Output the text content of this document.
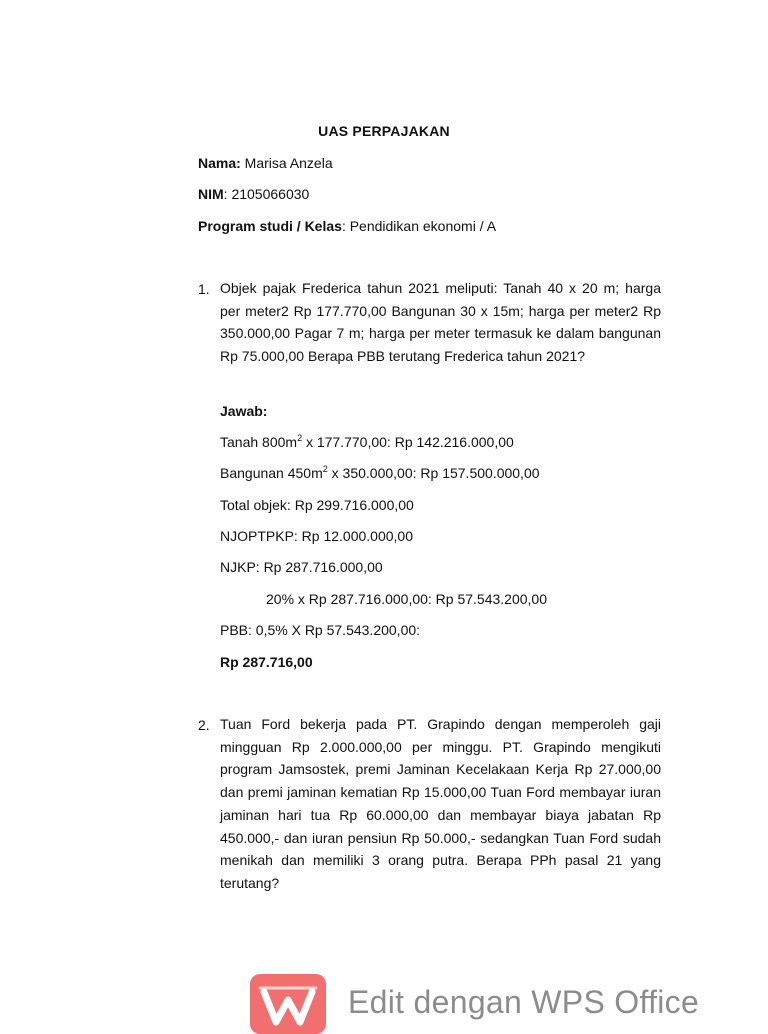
UAS PERPAJAKAN
Nama: Marisa Anzela
NIM: 2105066030
Program studi / Kelas: Pendidikan ekonomi / A
1. Objek pajak Frederica tahun 2021 meliputi: Tanah 40 x 20 m; harga per meter2 Rp 177.770,00 Bangunan 30 x 15m; harga per meter2 Rp 350.000,00 Pagar 7 m; harga per meter termasuk ke dalam bangunan Rp 75.000,00 Berapa PBB terutang Frederica tahun 2021?
Jawab:
Tanah $800m^2$ x 177.770,00: Rp 142.216.000,00
Bangunan $450m^2$ x 350.000,00: Rp 157.500.000,00
Total objek: Rp 299.716.000,00
NJOPTPKP: Rp 12.000.000,00
NJKP: Rp 287.716.000,00
20% x Rp 287.716.000,00: Rp 57.543.200,00
PBB: 0,5% X Rp 57.543.200,00:
Rp 287.716,00
2. Tuan Ford bekerja pada PT. Grapindo dengan memperoleh gaji mingguan Rp 2.000.000,00 per minggu. PT. Grapindo mengikuti program Jamsostek, premi Jaminan Kecelakaan Kerja Rp 27.000,00 dan premi jaminan kematian Rp 15.000,00 Tuan Ford membayar iuran jaminan hari tua Rp 60.000,00 dan membayar biaya jabatan Rp 450.000,- dan iuran pensiun Rp 50.000,- sedangkan Tuan Ford sudah menikah dan memiliki 3 orang putra. Berapa PPh pasal 21 yang terutang?
Edit dengan WPS Office
